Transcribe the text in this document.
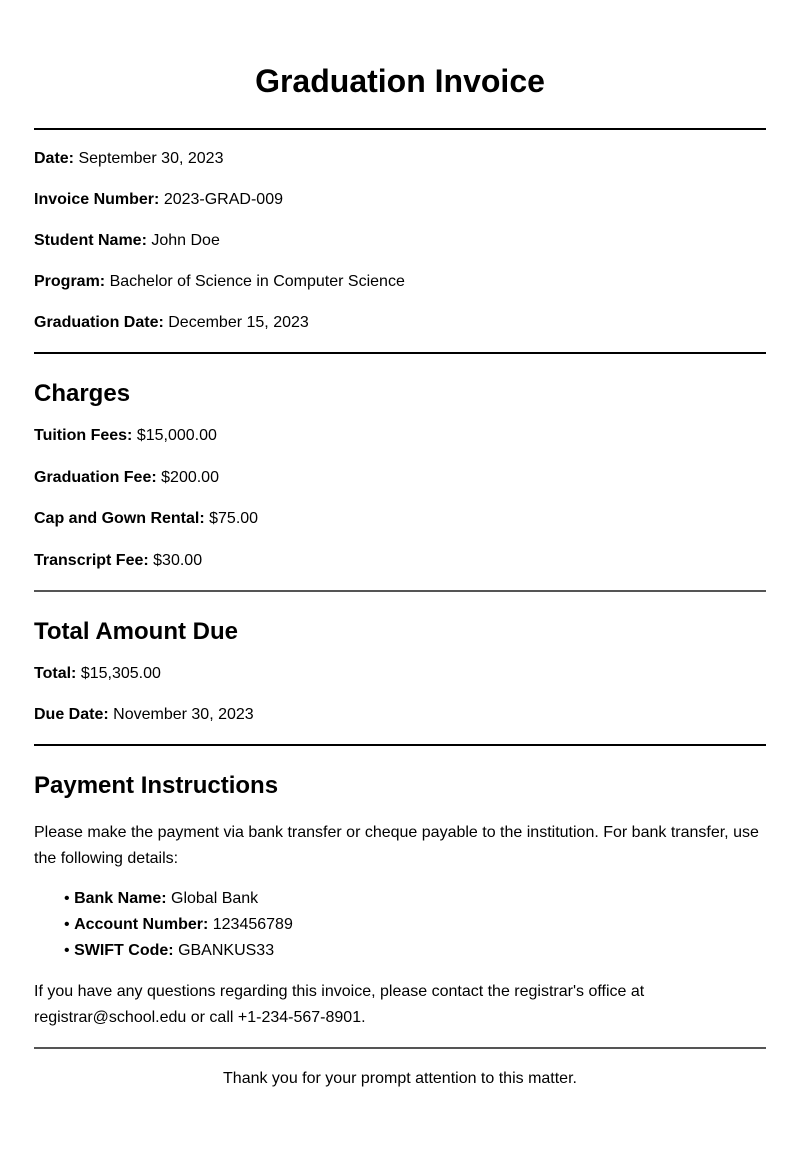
Graduation Invoice
Date: September 30, 2023
Invoice Number: 2023-GRAD-009
Student Name: John Doe
Program: Bachelor of Science in Computer Science
Graduation Date: December 15, 2023
Charges
Tuition Fees: $15,000.00
Graduation Fee: $200.00
Cap and Gown Rental: $75.00
Transcript Fee: $30.00
Total Amount Due
Total: $15,305.00
Due Date: November 30, 2023
Payment Instructions

Please make the payment via bank transfer or cheque payable to the institution. For bank transfer, use the following details:

• Bank Name: Global Bank
• Account Number: 123456789
• SWIFT Code: GBANKUS33

If you have any questions regarding this invoice, please contact the registrar's office at registrar@school.edu or call +1-234-567-8901.

Thank you for your prompt attention to this matter.
